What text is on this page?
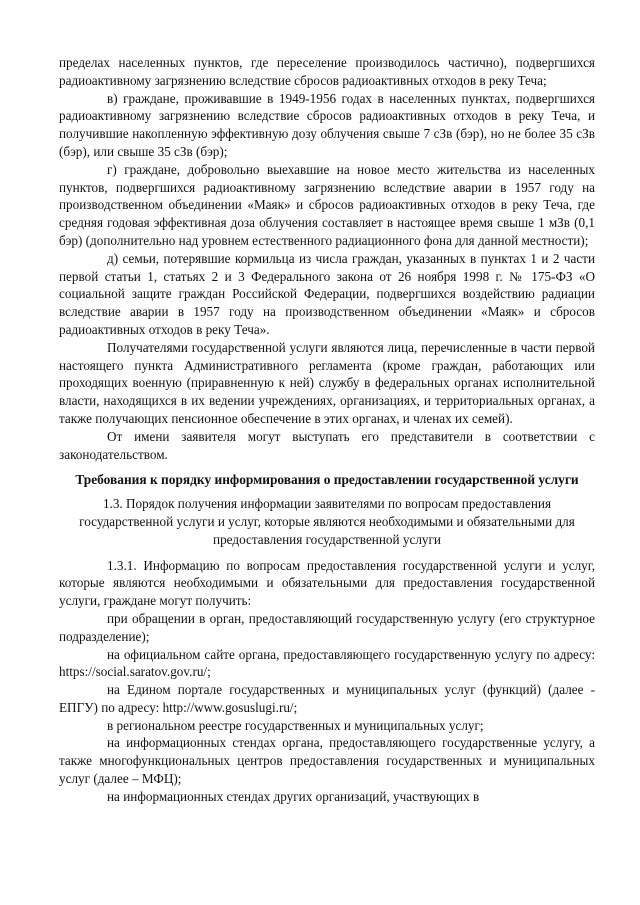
пределах населенных пунктов, где переселение производилось частично), подвергшихся радиоактивному загрязнению вследствие сбросов радиоактивных отходов в реку Теча;

в) граждане, проживавшие в 1949-1956 годах в населенных пунктах, подвергшихся радиоактивному загрязнению вследствие сбросов радиоактивных отходов в реку Теча, и получившие накопленную эффективную дозу облучения свыше 7 сЗв (бэр), но не более 35 сЗв (бэр), или свыше 35 сЗв (бэр);

г) граждане, добровольно выехавшие на новое место жительства из населенных пунктов, подвергшихся радиоактивному загрязнению вследствие аварии в 1957 году на производственном объединении «Маяк» и сбросов радиоактивных отходов в реку Теча, где средняя годовая эффективная доза облучения составляет в настоящее время свыше 1 мЗв (0,1 бэр) (дополнительно над уровнем естественного радиационного фона для данной местности);

д) семьи, потерявшие кормильца из числа граждан, указанных в пунктах 1 и 2 части первой статьи 1, статьях 2 и 3 Федерального закона от 26 ноября 1998 г. № 175-ФЗ «О социальной защите граждан Российской Федерации, подвергшихся воздействию радиации вследствие аварии в 1957 году на производственном объединении «Маяк» и сбросов радиоактивных отходов в реку Теча».

Получателями государственной услуги являются лица, перечисленные в части первой настоящего пункта Административного регламента (кроме граждан, работающих или проходящих военную (приравненную к ней) службу в федеральных органах исполнительной власти, находящихся в их ведении учреждениях, организациях, и территориальных органах, а также получающих пенсионное обеспечение в этих органах, и членах их семей).

От имени заявителя могут выступать его представители в соответствии с законодательством.

Требования к порядку информирования о предоставлении государственной услуги

1.3. Порядок получения информации заявителями по вопросам предоставления государственной услуги и услуг, которые являются необходимыми и обязательными для предоставления государственной услуги

1.3.1. Информацию по вопросам предоставления государственной услуги и услуг, которые являются необходимыми и обязательными для предоставления государственной услуги, граждане могут получить:

при обращении в орган, предоставляющий государственную услугу (его структурное подразделение);

на официальном сайте органа, предоставляющего государственную услугу по адресу: https://social.saratov.gov.ru/;

на Едином портале государственных и муниципальных услуг (функций) (далее - ЕПГУ) по адресу: http://www.gosuslugi.ru/;

в региональном реестре государственных и муниципальных услуг;

на информационных стендах органа, предоставляющего государственные услугу, а также многофункциональных центров предоставления государственных и муниципальных услуг (далее – МФЦ);

на информационных стендах других организаций, участвующих в
